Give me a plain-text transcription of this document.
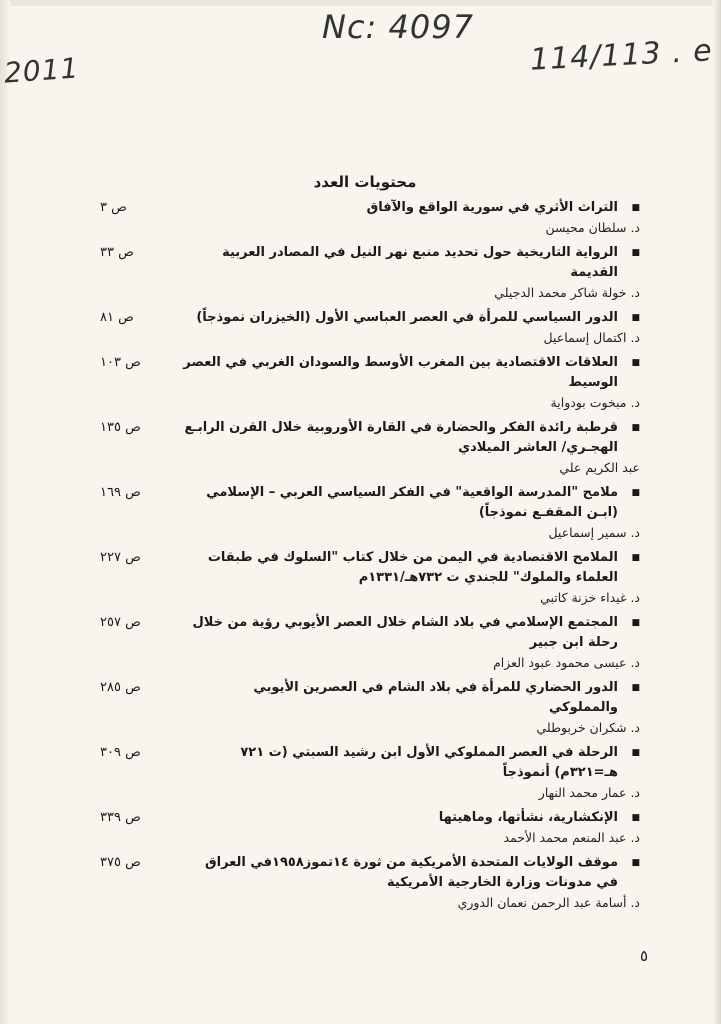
2011
Nc: 4097
114/113 . e
محتويات العدد
■
التراث الأثري في سورية الواقع والآفاق
ص ٣
د. سلطان محيسن
■
الرواية التاريخية حول تحديد منبع نهر النيل في المصادر العربية القديمة
ص ٣٣
د. خولة شاكر محمد الدجيلي
■
الدور السياسي للمرأة في العصر العباسي الأول (الخيزران نموذجاً)
ص ٨١
د. اكتمال إسماعيل
■
العلاقات الاقتصادية بين المغرب الأوسط والسودان الغربي في العصر الوسيط
ص ١٠٣
د. مبخوت بودواية
■
قرطبة رائدة الفكر والحضارة في القارة الأوروبية خلال القرن الرابـع الهجـري/ العاشر الميلادي
ص ١٣٥
عبد الكريم علي
■
ملامح "المدرسة الواقعية" في الفكر السياسي العربي – الإسلامي (ابـن المقفـع نموذجاً)
ص ١٦٩
د. سمير إسماعيل
■
الملامح الاقتصادية في اليمن من خلال كتاب "السلوك في طبقات العلماء والملوك" للجندي ت ٧٣٢هـ/١٣٣١م
ص ٢٢٧
د. غيداء خزنة كاتبي
■
المجتمع الإسلامي في بلاد الشام خلال العصر الأيوبي رؤية من خلال رحلة ابن جبير
ص ٢٥٧
د. عيسى محمود عبود العزام
■
الدور الحضاري للمرأة في بلاد الشام في العصرين الأيوبي والمملوكي
ص ٢٨٥
د. شكران خربوطلي
■
الرحلة في العصر المملوكي الأول ابن رشيد السبتي (ت ٧٢١ هـ=٣٢١م) أنموذجاً
ص ٣٠٩
د. عمار محمد النهار
■
الإنكشارية، نشأتها، وماهيتها
ص ٣٣٩
د. عبد المنعم محمد الأحمد
■
موقف الولايات المتحدة الأمريكية من ثورة ١٤تموز١٩٥٨في العراق في مدونات وزارة الخارجية الأمريكية
ص ٣٧٥
د. أسامة عبد الرحمن نعمان الدوري
٥
